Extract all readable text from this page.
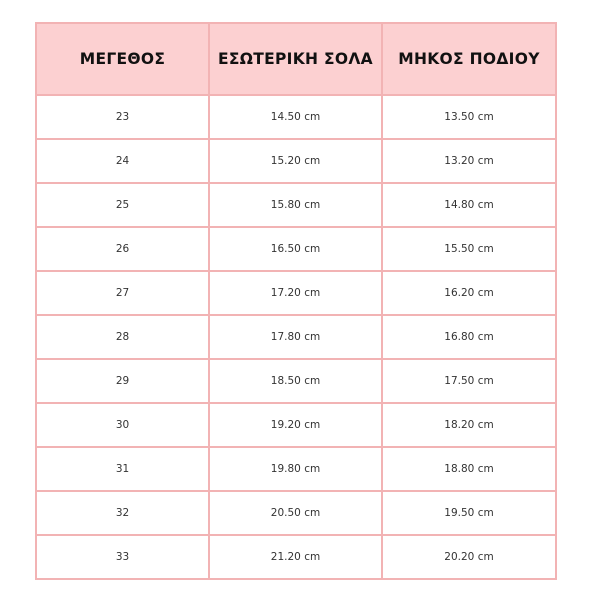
ΜΕΓΕΘΟΣ	ΕΣΩΤΕΡΙΚΗ ΣΟΛΑ	ΜΗΚΟΣ ΠΟΔΙΟΥ
23	14.50 cm	13.50 cm
24	15.20 cm	13.20 cm
25	15.80 cm	14.80 cm
26	16.50 cm	15.50 cm
27	17.20 cm	16.20 cm
28	17.80 cm	16.80 cm
29	18.50 cm	17.50 cm
30	19.20 cm	18.20 cm
31	19.80 cm	18.80 cm
32	20.50 cm	19.50 cm
33	21.20 cm	20.20 cm
